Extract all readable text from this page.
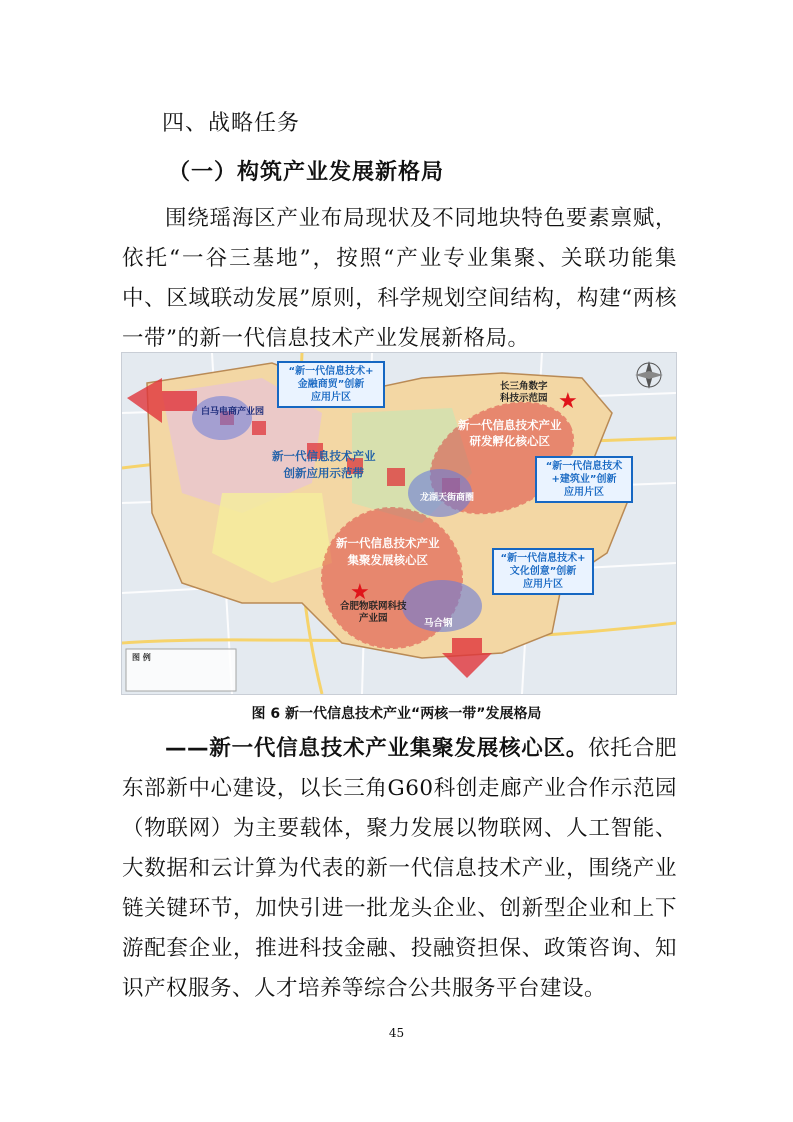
四、战略任务
（一）构筑产业发展新格局
围绕瑶海区产业布局现状及不同地块特色要素禀赋，依托“一谷三基地”，按照“产业专业集聚、关联功能集中、区域联动发展”原则，科学规划空间结构，构建“两核一带”的新一代信息技术产业发展新格局。
★
★
“新一代信息技术+
金融商贸”创新
应用片区
白马电商产业园
新一代信息技术产业
创新应用示范带
长三角数字
科技示范园
新一代信息技术产业
研发孵化核心区
“新一代信息技术
+建筑业”创新
应用片区
龙湖天街商圈
新一代信息技术产业
集聚发展核心区	“新一代信息技术+
文化创意”创新
应用片区
合肥物联网科技
产业园	马合钢
图 例
图 6 新一代信息技术产业“两核一带”发展格局
——新一代信息技术产业集聚发展核心区。依托合肥东部新中心建设，以长三角G60科创走廊产业合作示范园（物联网）为主要载体，聚力发展以物联网、人工智能、大数据和云计算为代表的新一代信息技术产业，围绕产业链关键环节，加快引进一批龙头企业、创新型企业和上下游配套企业，推进科技金融、投融资担保、政策咨询、知识产权服务、人才培养等综合公共服务平台建设。
45
